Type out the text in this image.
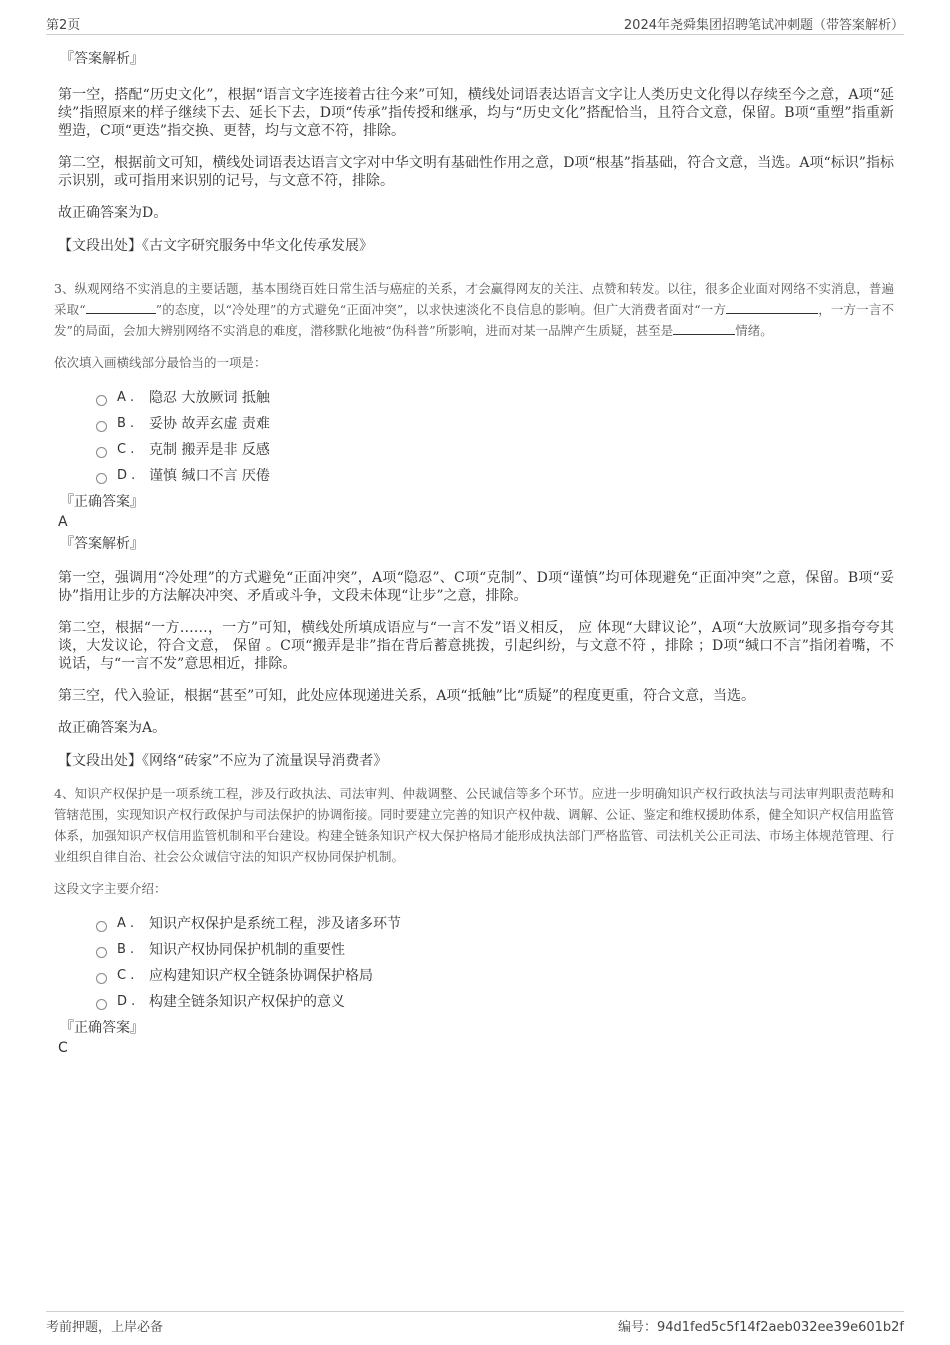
第2页	2024年尧舜集团招聘笔试冲刺题（带答案解析）
『答案解析』
第一空，搭配“历史文化”，根据“语言文字连接着古往今来”可知，横线处词语表达语言文字让人类历史文化得以存续至今之意，A项“延续”指照原来的样子继续下去、延长下去，D项“传承”指传授和继承，均与“历史文化”搭配恰当，且符合文意，保留。B项“重塑”指重新塑造，C项“更迭”指交换、更替，均与文意不符，排除。
第二空，根据前文可知，横线处词语表达语言文字对中华文明有基础性作用之意，D项“根基”指基础，符合文意，当选。A项“标识”指标示识别，或可指用来识别的记号，与文意不符，排除。
故正确答案为D。
【文段出处】《古文字研究服务中华文化传承发展》
3、纵观网络不实消息的主要话题，基本围绕百姓日常生活与癌症的关系，才会赢得网友的关注、点赞和转发。以往，很多企业面对网络不实消息，普遍采取“	”的态度，以“冷处理”的方式避免“正面冲突”，以求快速淡化不良信息的影响。但广大消费者面对“一方	，一方一言不发”的局面，会加大辨别网络不实消息的难度，潜移默化地被“伪科普”所影响，进而对某一品牌产生质疑，甚至是	情绪。
依次填入画横线部分最恰当的一项是：
A .	隐忍 大放厥词 抵触
B .	妥协 故弄玄虚 责难
C .	克制 搬弄是非 反感
D . 谨慎 缄口不言 厌倦
『正确答案』
A
『答案解析』
第一空，强调用“冷处理”的方式避免“正面冲突”，A项“隐忍”、C项“克制”、D项“谨慎”均可体现避免“正面冲突”之意，保留。B项“妥协”指用让步的方法解决冲突、矛盾或斗争，文段未体现“让步”之意，排除。
第二空，根据“一方……，一方”可知，横线处所填成语应与“一言不发”语义相反， 应 体现“大肆议论”，A项“大放厥词”现多指夸夸其谈，大发议论，符合文意， 保留 。C项“搬弄是非”指在背后蓄意挑拨，引起纠纷，与文意不符 ，排除 ；D项“缄口不言”指闭着嘴，不说话，与“一言不发”意思相近，排除。
第三空，代入验证，根据“甚至”可知，此处应体现递进关系，A项“抵触”比“质疑”的程度更重，符合文意，当选。
故正确答案为A。
【文段出处】《网络“砖家”不应为了流量误导消费者》
4、知识产权保护是一项系统工程，涉及行政执法、司法审判、仲裁调整、公民诚信等多个环节。应进一步明确知识产权行政执法与司法审判职责范畴和管辖范围，实现知识产权行政保护与司法保护的协调衔接。同时要建立完善的知识产权仲裁、调解、公证、鉴定和维权援助体系，健全知识产权信用监管体系，加强知识产权信用监管机制和平台建设。构建全链条知识产权大保护格局才能形成执法部门严格监管、司法机关公正司法、市场主体规范管理、行业组织自律自治、社会公众诚信守法的知识产权协同保护机制。
这段文字主要介绍：
A .	知识产权保护是系统工程，涉及诸多环节
B .	知识产权协同保护机制的重要性
C .	应构建知识产权全链条协调保护格局
D . 构建全链条知识产权保护的意义
『正确答案』
C
考前押题，上岸必备	编号：94d1fed5c5f14f2aeb032ee39e601b2f
